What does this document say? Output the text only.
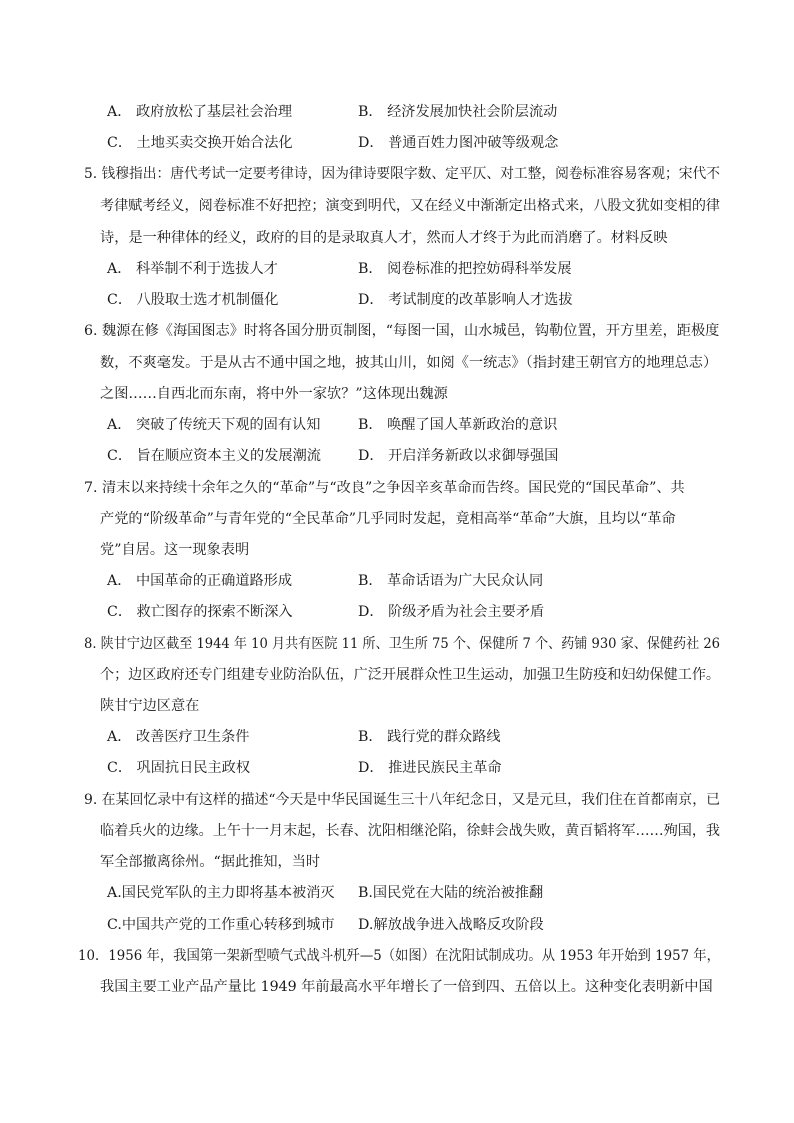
A． 政府放松了基层社会治理	B． 经济发展加快社会阶层流动
C． 土地买卖交换开始合法化	D． 普通百姓力图冲破等级观念
5. 钱穆指出：唐代考试一定要考律诗，因为律诗要限字数、定平仄、对工整，阅卷标准容易客观；宋代不
考律赋考经义，阅卷标准不好把控；演变到明代，又在经义中渐渐定出格式来，八股文犹如变相的律
诗，是一种律体的经义，政府的目的是录取真人才，然而人才终于为此而消磨了。材料反映
A． 科举制不利于选拔人才	B． 阅卷标准的把控妨碍科举发展
C． 八股取士选才机制僵化	D． 考试制度的改革影响人才选拔
6. 魏源在修《海国图志》时将各国分册页制图，“每图一国，山水城邑，钩勒位置，开方里差，距极度
数，不爽毫发。于是从古不通中国之地，披其山川，如阅《一统志》（指封建王朝官方的地理总志）
之图……自西北而东南，将中外一家欤？”这体现出魏源
A． 突破了传统天下观的固有认知	B． 唤醒了国人革新政治的意识
C． 旨在顺应资本主义的发展潮流	D． 开启洋务新政以求御辱强国
7. 清末以来持续十余年之久的“革命”与“改良”之争因辛亥革命而告终。国民党的“国民革命”、共
产党的“阶级革命”与青年党的“全民革命”几乎同时发起，竟相高举“革命”大旗，且均以“革命
党”自居。这一现象表明
A． 中国革命的正确道路形成	B． 革命话语为广大民众认同
C． 救亡图存的探索不断深入	D． 阶级矛盾为社会主要矛盾
8. 陕甘宁边区截至 1944 年 10 月共有医院 11 所、卫生所 75 个、保健所 7 个、药铺 930 家、保健药社 26
个；边区政府还专门组建专业防治队伍，广泛开展群众性卫生运动，加强卫生防疫和妇幼保健工作。
陕甘宁边区意在
A． 改善医疗卫生条件	B． 践行党的群众路线
C． 巩固抗日民主政权	D． 推进民族民主革命
9. 在某回忆录中有这样的描述“今天是中华民国诞生三十八年纪念日，又是元旦，我们住在首都南京，已
临着兵火的边缘。上午十一月末起，长春、沈阳相继沦陷，徐蚌会战失败，黄百韬将军……殉国，我
军全部撤离徐州。“据此推知，当时
A.国民党军队的主力即将基本被消灭 B.国民党在大陆的统治被推翻
C.中国共产党的工作重心转移到城市 D.解放战争进入战略反攻阶段
10．1956 年，我国第一架新型喷气式战斗机歼—5（如图）在沈阳试制成功。从 1953 年开始到 1957 年，
我国主要工业产品产量比 1949 年前最高水平年增长了一倍到四、五倍以上。这种变化表明新中国
